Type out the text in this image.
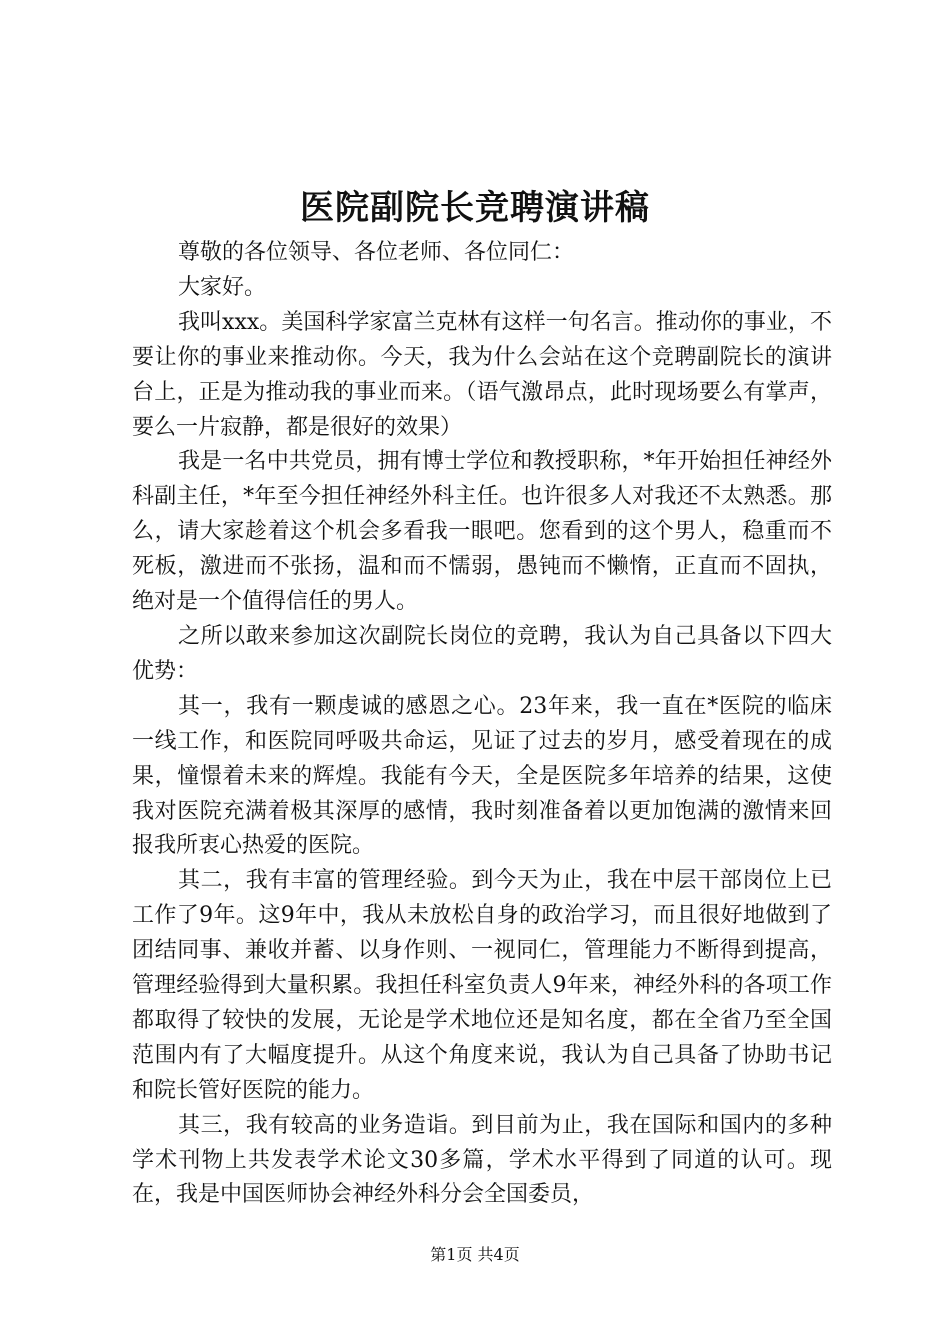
医院副院长竞聘演讲稿

尊敬的各位领导、各位老师、各位同仁：

大家好。

我叫xxx。美国科学家富兰克林有这样一句名言。推动你的事业，不要让你的事业来推动你。今天，我为什么会站在这个竞聘副院长的演讲台上，正是为推动我的事业而来。（语气激昂点，此时现场要么有掌声，要么一片寂静，都是很好的效果）

我是一名中共党员，拥有博士学位和教授职称，*年开始担任神经外科副主任，*年至今担任神经外科主任。也许很多人对我还不太熟悉。那么，请大家趁着这个机会多看我一眼吧。您看到的这个男人，稳重而不死板，激进而不张扬，温和而不懦弱，愚钝而不懒惰，正直而不固执，绝对是一个值得信任的男人。

之所以敢来参加这次副院长岗位的竞聘，我认为自己具备以下四大优势：

其一，我有一颗虔诚的感恩之心。23年来，我一直在*医院的临床一线工作，和医院同呼吸共命运，见证了过去的岁月，感受着现在的成果，憧憬着未来的辉煌。我能有今天，全是医院多年培养的结果，这使我对医院充满着极其深厚的感情，我时刻准备着以更加饱满的激情来回报我所衷心热爱的医院。

其二，我有丰富的管理经验。到今天为止，我在中层干部岗位上已工作了9年。这9年中，我从未放松自身的政治学习，而且很好地做到了团结同事、兼收并蓄、以身作则、一视同仁，管理能力不断得到提高，管理经验得到大量积累。我担任科室负责人9年来，神经外科的各项工作都取得了较快的发展，无论是学术地位还是知名度，都在全省乃至全国范围内有了大幅度提升。从这个角度来说，我认为自己具备了协助书记和院长管好医院的能力。

其三，我有较高的业务造诣。到目前为止，我在国际和国内的多种学术刊物上共发表学术论文30多篇，学术水平得到了同道的认可。现在，我是中国医师协会神经外科分会全国委员，

第1页 共4页
